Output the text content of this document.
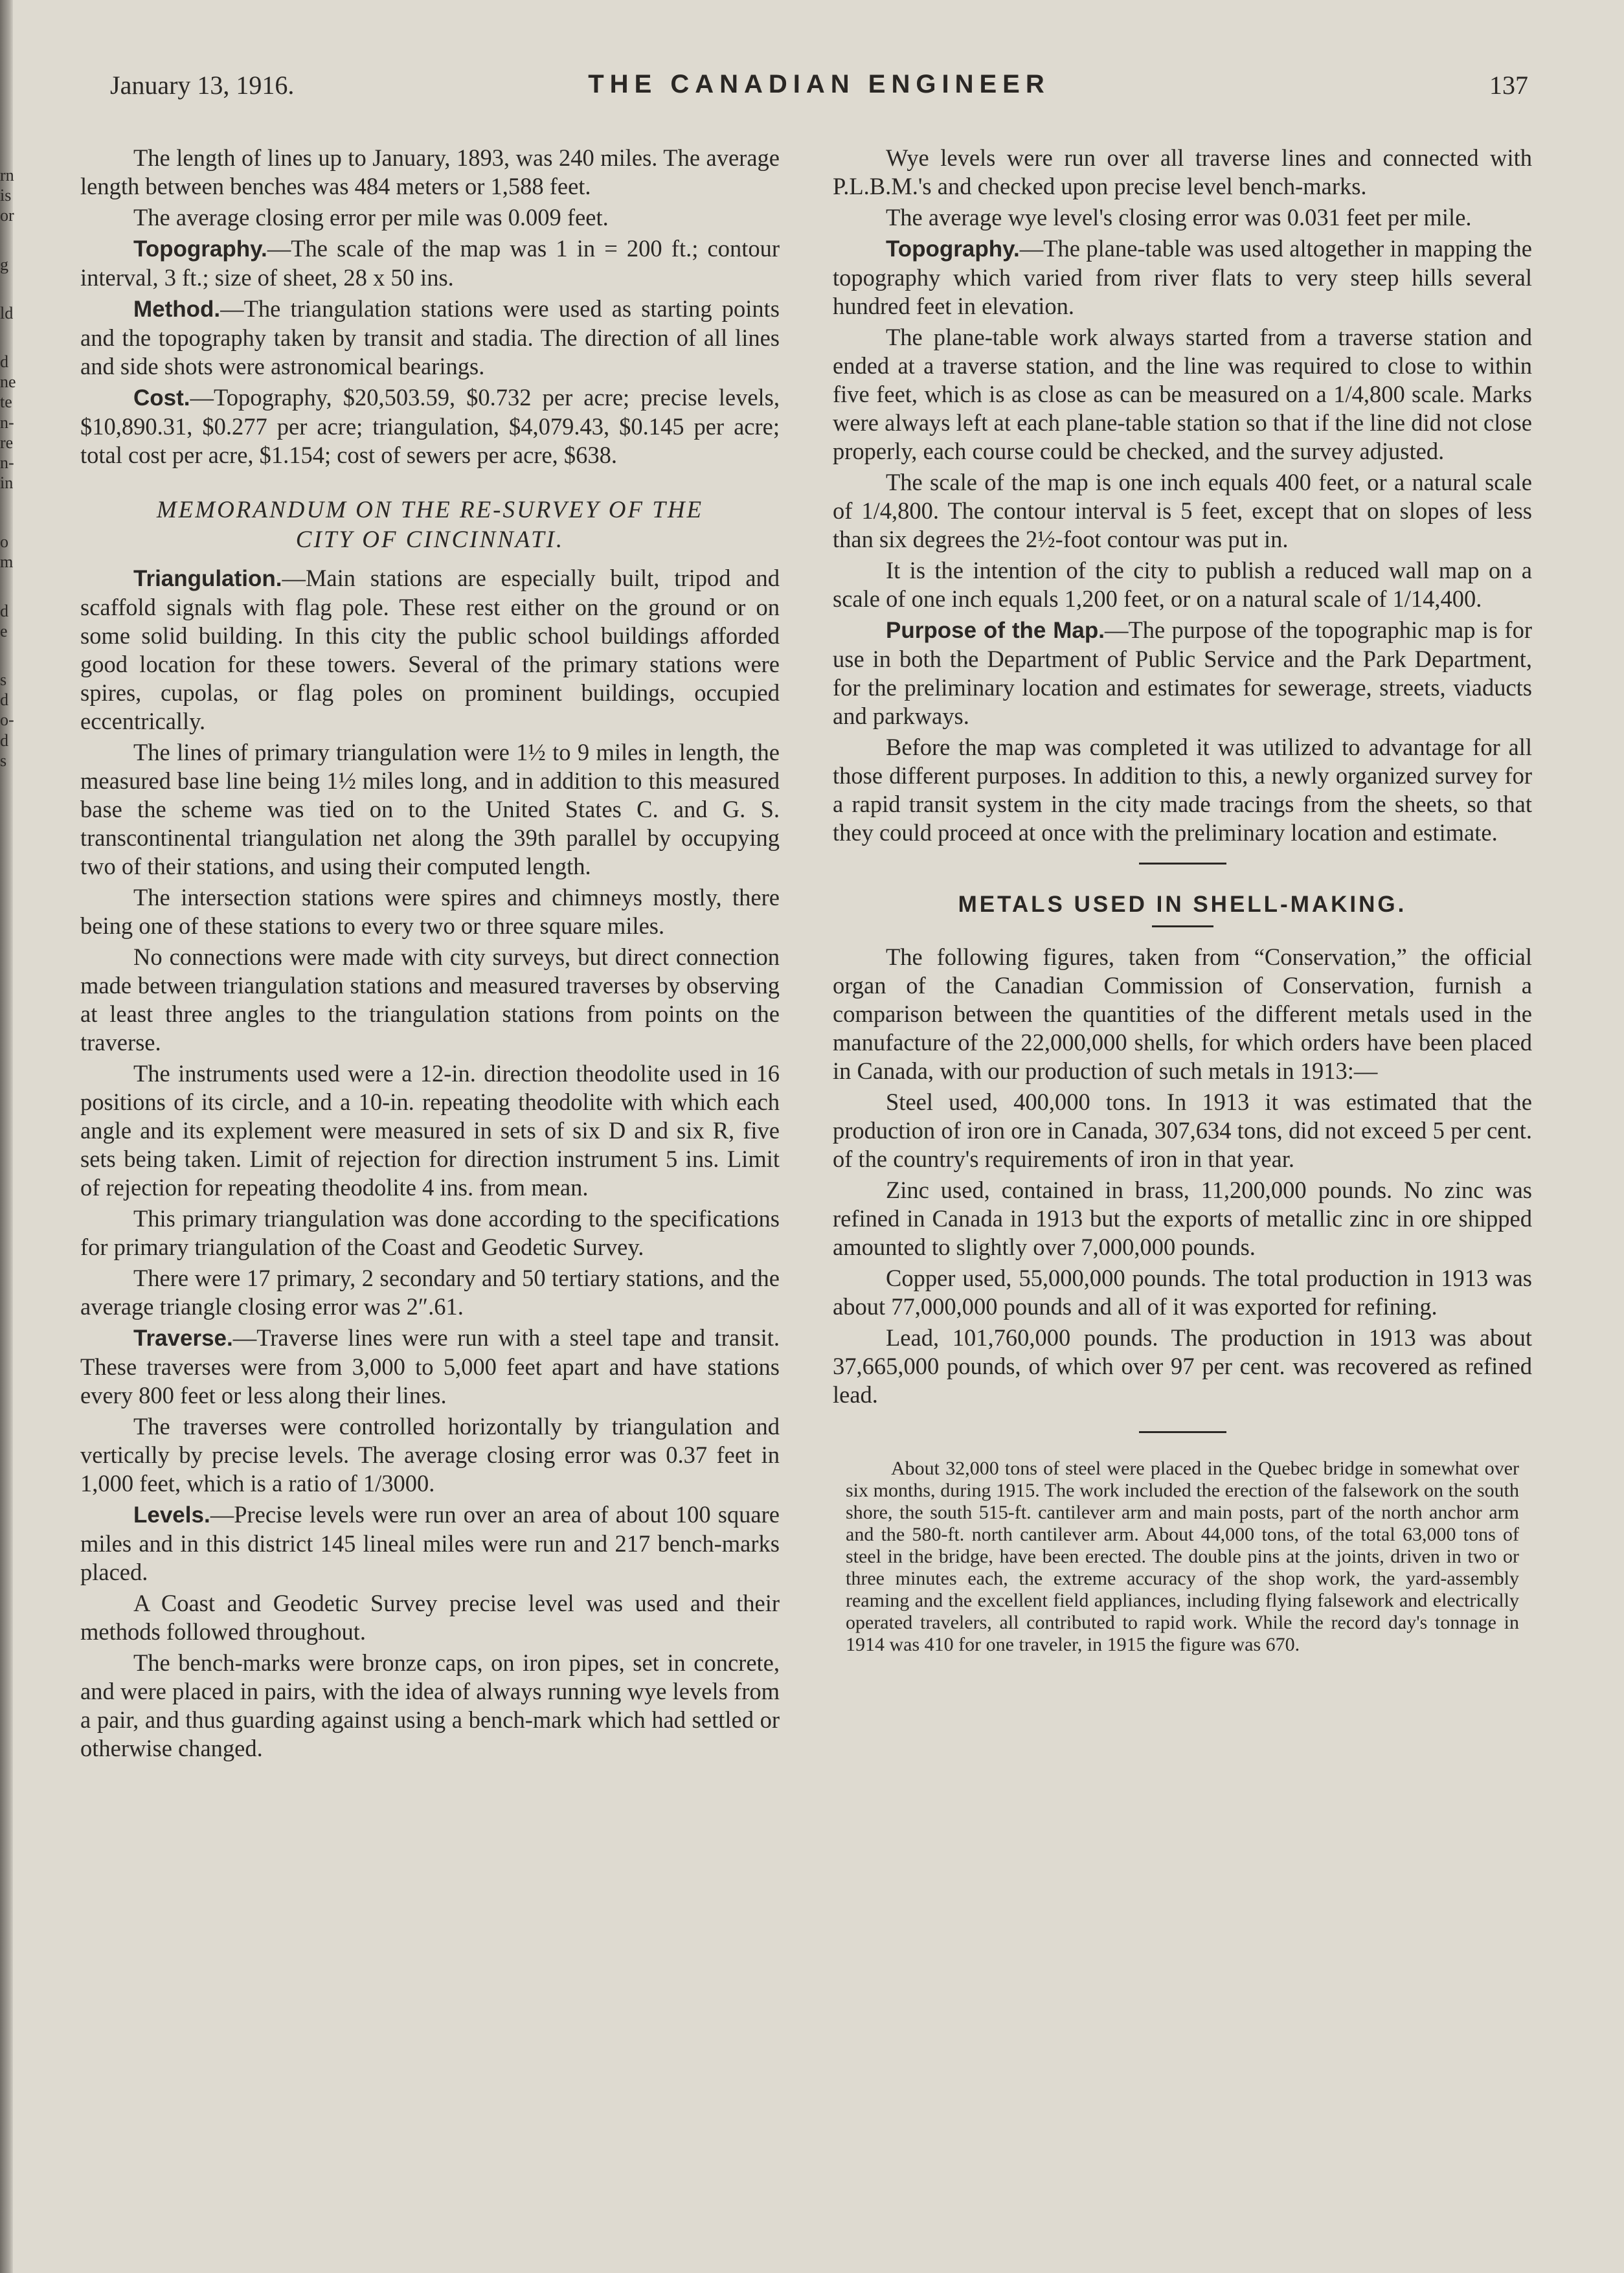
rn
is
or
g
ld
d
ne
te
n-
re
n-
in
o
m
d
e
s
d
o-
d
s
January 13, 1916.	THE CANADIAN ENGINEER	137

The length of lines up to January, 1893, was 240 miles. The average length between benches was 484 meters or 1,588 feet.

The average closing error per mile was 0.009 feet.

Topography.—The scale of the map was 1 in = 200 ft.; contour interval, 3 ft.; size of sheet, 28 x 50 ins.

Method.—The triangulation stations were used as starting points and the topography taken by transit and stadia. The direction of all lines and side shots were astronomical bearings.

Cost.—Topography, $20,503.59, $0.732 per acre; precise levels, $10,890.31, $0.277 per acre; triangulation, $4,079.43, $0.145 per acre; total cost per acre, $1.154; cost of sewers per acre, $638.

MEMORANDUM ON THE RE-SURVEY OF THE
CITY OF CINCINNATI.

Triangulation.—Main stations are especially built, tripod and scaffold signals with flag pole. These rest either on the ground or on some solid building. In this city the public school buildings afforded good location for these towers. Several of the primary stations were spires, cupolas, or flag poles on prominent buildings, occupied eccentrically.

The lines of primary triangulation were 1½ to 9 miles in length, the measured base line being 1½ miles long, and in addition to this measured base the scheme was tied on to the United States C. and G. S. transcontinental triangulation net along the 39th parallel by occupying two of their stations, and using their computed length.

The intersection stations were spires and chimneys mostly, there being one of these stations to every two or three square miles.

No connections were made with city surveys, but direct connection made between triangulation stations and measured traverses by observing at least three angles to the triangulation stations from points on the traverse.

The instruments used were a 12-in. direction theodolite used in 16 positions of its circle, and a 10-in. repeating theodolite with which each angle and its explement were measured in sets of six D and six R, five sets being taken. Limit of rejection for direction instrument 5 ins. Limit of rejection for repeating theodolite 4 ins. from mean.

This primary triangulation was done according to the specifications for primary triangulation of the Coast and Geodetic Survey.

There were 17 primary, 2 secondary and 50 tertiary stations, and the average triangle closing error was 2″.61.

Traverse.—Traverse lines were run with a steel tape and transit. These traverses were from 3,000 to 5,000 feet apart and have stations every 800 feet or less along their lines.

The traverses were controlled horizontally by triangulation and vertically by precise levels. The average closing error was 0.37 feet in 1,000 feet, which is a ratio of 1/3000.

Levels.—Precise levels were run over an area of about 100 square miles and in this district 145 lineal miles were run and 217 bench-marks placed.

A Coast and Geodetic Survey precise level was used and their methods followed throughout.

The bench-marks were bronze caps, on iron pipes, set in concrete, and were placed in pairs, with the idea of always running wye levels from a pair, and thus guarding against using a bench-mark which had settled or otherwise changed.

Wye levels were run over all traverse lines and connected with P.L.B.M.'s and checked upon precise level bench-marks.

The average wye level's closing error was 0.031 feet per mile.

Topography.—The plane-table was used altogether in mapping the topography which varied from river flats to very steep hills several hundred feet in elevation.

The plane-table work always started from a traverse station and ended at a traverse station, and the line was required to close to within five feet, which is as close as can be measured on a 1/4,800 scale. Marks were always left at each plane-table station so that if the line did not close properly, each course could be checked, and the survey adjusted.

The scale of the map is one inch equals 400 feet, or a natural scale of 1/4,800. The contour interval is 5 feet, except that on slopes of less than six degrees the 2½-foot contour was put in.

It is the intention of the city to publish a reduced wall map on a scale of one inch equals 1,200 feet, or on a natural scale of 1/14,400.

Purpose of the Map.—The purpose of the topographic map is for use in both the Department of Public Service and the Park Department, for the preliminary location and estimates for sewerage, streets, viaducts and parkways.

Before the map was completed it was utilized to advantage for all those different purposes. In addition to this, a newly organized survey for a rapid transit system in the city made tracings from the sheets, so that they could proceed at once with the preliminary location and estimate.

METALS USED IN SHELL-MAKING.

The following figures, taken from “Conservation,” the official organ of the Canadian Commission of Conservation, furnish a comparison between the quantities of the different metals used in the manufacture of the 22,000,000 shells, for which orders have been placed in Canada, with our production of such metals in 1913:—

Steel used, 400,000 tons. In 1913 it was estimated that the production of iron ore in Canada, 307,634 tons, did not exceed 5 per cent. of the country's requirements of iron in that year.

Zinc used, contained in brass, 11,200,000 pounds. No zinc was refined in Canada in 1913 but the exports of metallic zinc in ore shipped amounted to slightly over 7,000,000 pounds.

Copper used, 55,000,000 pounds. The total production in 1913 was about 77,000,000 pounds and all of it was exported for refining.

Lead, 101,760,000 pounds. The production in 1913 was about 37,665,000 pounds, of which over 97 per cent. was recovered as refined lead.

About 32,000 tons of steel were placed in the Quebec bridge in somewhat over six months, during 1915. The work included the erection of the falsework on the south shore, the south 515-ft. cantilever arm and main posts, part of the north anchor arm and the 580-ft. north cantilever arm. About 44,000 tons, of the total 63,000 tons of steel in the bridge, have been erected. The double pins at the joints, driven in two or three minutes each, the extreme accuracy of the shop work, the yard-assembly reaming and the excellent field appliances, including flying falsework and electrically operated travelers, all contributed to rapid work. While the record day's tonnage in 1914 was 410 for one traveler, in 1915 the figure was 670.
